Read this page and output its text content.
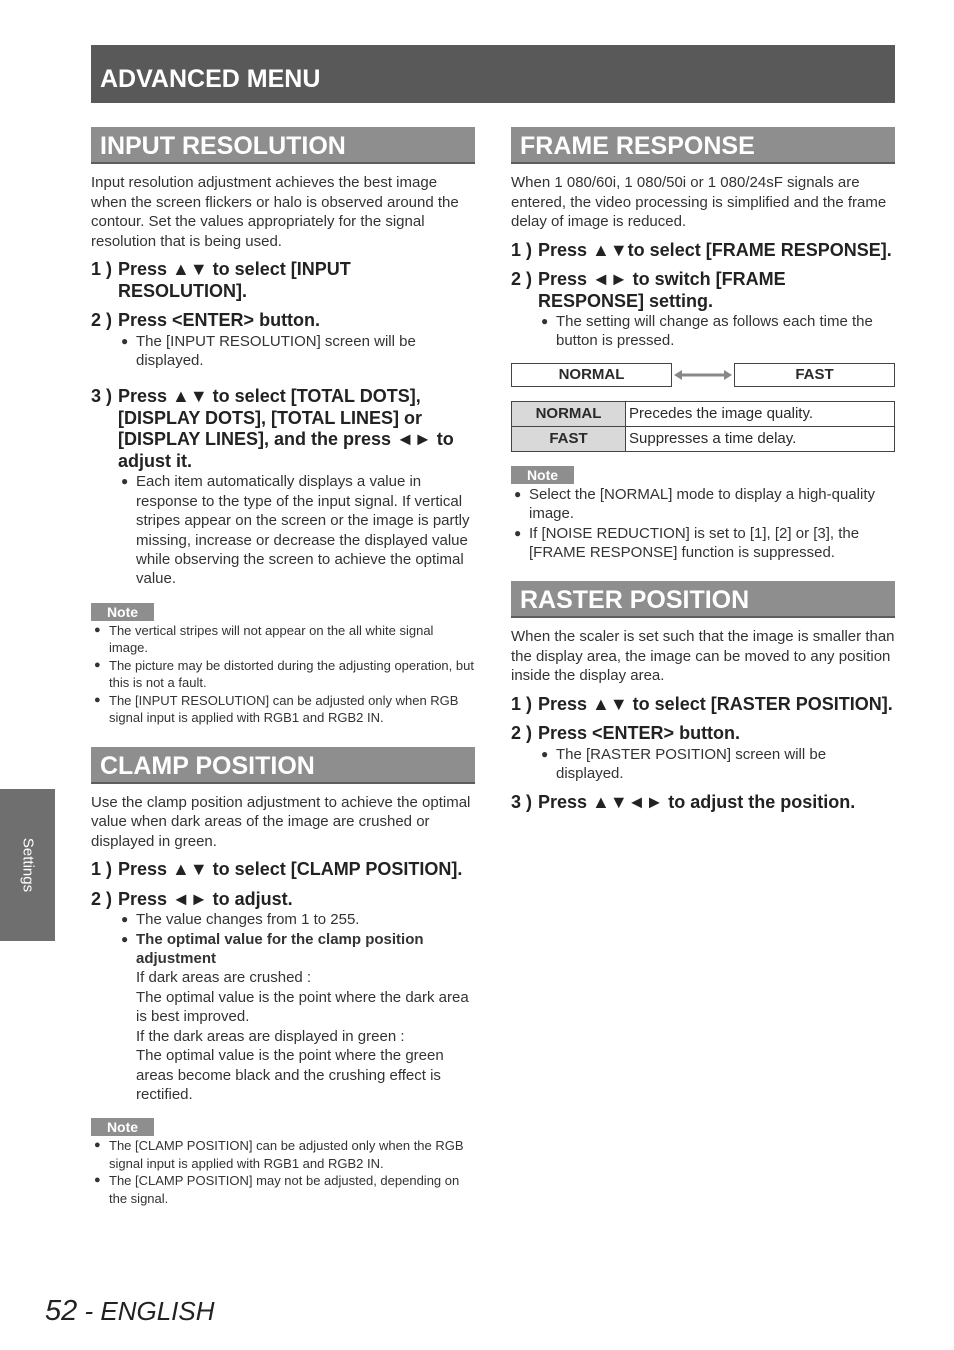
ADVANCED MENU
INPUT RESOLUTION
Input resolution adjustment achieves the best image when the screen flickers or halo is observed around the contour. Set the values appropriately for the signal resolution that is being used.
1 ) Press ▲▼ to select [INPUT RESOLUTION].
2 ) Press <ENTER> button.
● The [INPUT RESOLUTION] screen will be displayed.
3 ) Press ▲▼ to select [TOTAL DOTS], [DISPLAY DOTS], [TOTAL LINES] or [DISPLAY LINES], and the press ◄► to adjust it.
● Each item automatically displays a value in response to the type of the input signal. If vertical stripes appear on the screen or the image is partly missing, increase or decrease the displayed value while observing the screen to achieve the optimal value.
Note
● The vertical stripes will not appear on the all white signal image.
● The picture may be distorted during the adjusting operation, but this is not a fault.
● The [INPUT RESOLUTION] can be adjusted only when RGB signal input is applied with RGB1 and RGB2 IN.
CLAMP POSITION
Use the clamp position adjustment to achieve the optimal value when dark areas of the image are crushed or displayed in green.
1 ) Press ▲▼ to select [CLAMP POSITION].
2 ) Press ◄► to adjust.
● The value changes from 1 to 255.
● The optimal value for the clamp position adjustment
If dark areas are crushed :
The optimal value is the point where the dark area is best improved.
If the dark areas are displayed in green :
The optimal value is the point where the green areas become black and the crushing effect is rectified.
Note
● The [CLAMP POSITION] can be adjusted only when the RGB signal input is applied with RGB1 and RGB2 IN.
● The [CLAMP POSITION] may not be adjusted, depending on the signal.
FRAME RESPONSE
When 1 080/60i, 1 080/50i or 1 080/24sF signals are entered, the video processing is simplified and the frame delay of image is reduced.
1 ) Press ▲▼to select [FRAME RESPONSE].
2 ) Press ◄► to switch [FRAME RESPONSE] setting.
● The setting will change as follows each time the button is pressed.
NORMAL	FAST
NORMAL	Precedes the image quality.
FAST	Suppresses a time delay.
Note
● Select the [NORMAL] mode to display a high-quality image.
● If [NOISE REDUCTION] is set to [1], [2] or [3], the [FRAME RESPONSE] function is suppressed.
RASTER POSITION
When the scaler is set such that the image is smaller than the display area, the image can be moved to any position inside the display area.
1 ) Press ▲▼ to select [RASTER POSITION].
2 ) Press <ENTER> button.
● The [RASTER POSITION] screen will be displayed.
3 ) Press ▲▼◄► to adjust the position.
Settings
52 - ENGLISH
